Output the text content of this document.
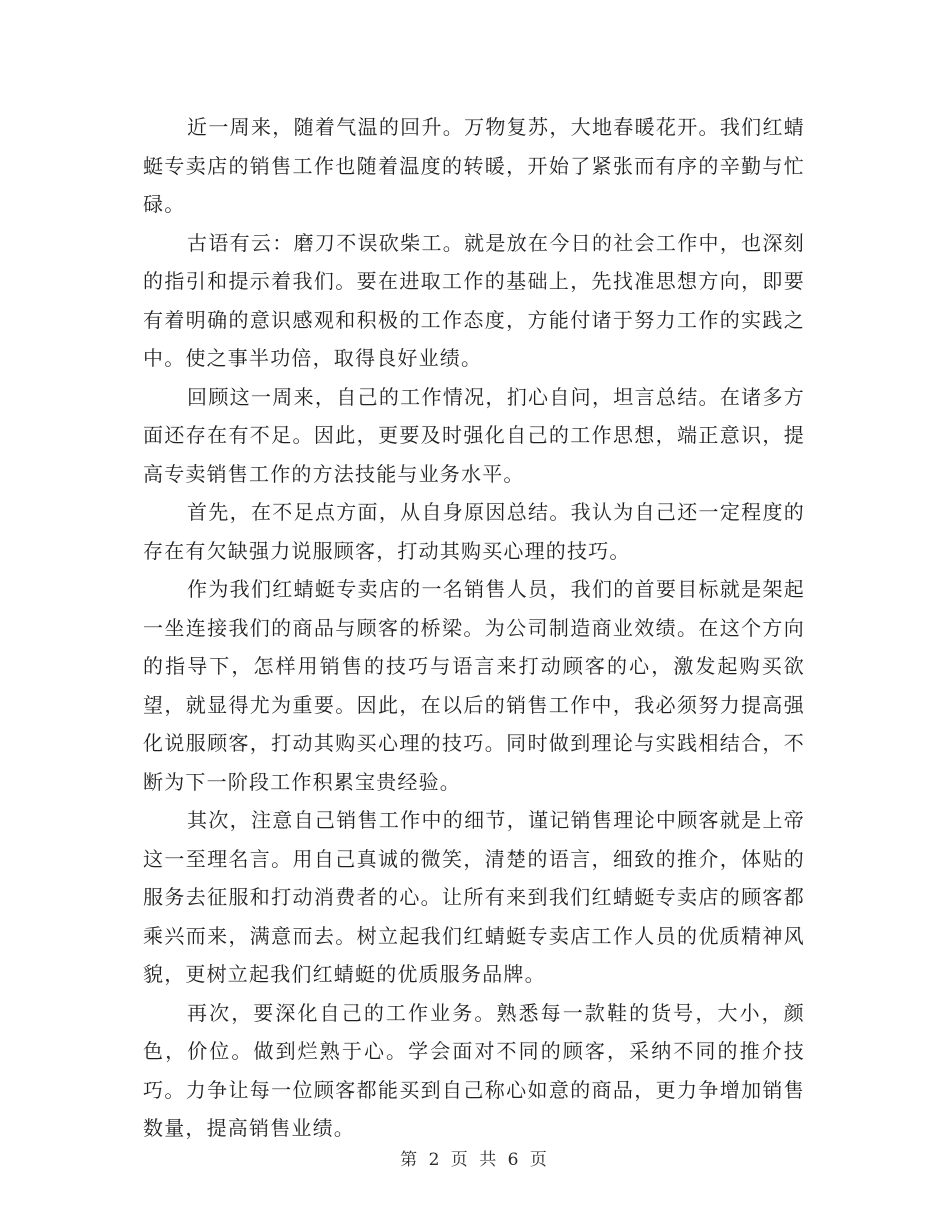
近一周来，随着气温的回升。万物复苏，大地春暖花开。我们红蜻蜓专卖店的销售工作也随着温度的转暖，开始了紧张而有序的辛勤与忙碌。

古语有云：磨刀不误砍柴工。就是放在今日的社会工作中，也深刻的指引和提示着我们。要在进取工作的基础上，先找准思想方向，即要有着明确的意识感观和积极的工作态度，方能付诸于努力工作的实践之中。使之事半功倍，取得良好业绩。

回顾这一周来，自己的工作情况，扪心自问，坦言总结。在诸多方面还存在有不足。因此，更要及时强化自己的工作思想，端正意识，提高专卖销售工作的方法技能与业务水平。

首先，在不足点方面，从自身原因总结。我认为自己还一定程度的存在有欠缺强力说服顾客，打动其购买心理的技巧。

作为我们红蜻蜓专卖店的一名销售人员，我们的首要目标就是架起一坐连接我们的商品与顾客的桥梁。为公司制造商业效绩。在这个方向的指导下，怎样用销售的技巧与语言来打动顾客的心，激发起购买欲望，就显得尤为重要。因此，在以后的销售工作中，我必须努力提高强化说服顾客，打动其购买心理的技巧。同时做到理论与实践相结合，不断为下一阶段工作积累宝贵经验。

其次，注意自己销售工作中的细节，谨记销售理论中顾客就是上帝这一至理名言。用自己真诚的微笑，清楚的语言，细致的推介，体贴的服务去征服和打动消费者的心。让所有来到我们红蜻蜓专卖店的顾客都乘兴而来，满意而去。树立起我们红蜻蜓专卖店工作人员的优质精神风貌，更树立起我们红蜻蜓的优质服务品牌。

再次，要深化自己的工作业务。熟悉每一款鞋的货号，大小，颜色，价位。做到烂熟于心。学会面对不同的顾客，采纳不同的推介技巧。力争让每一位顾客都能买到自己称心如意的商品，更力争增加销售数量，提高销售业绩。

第 2 页 共 6 页
